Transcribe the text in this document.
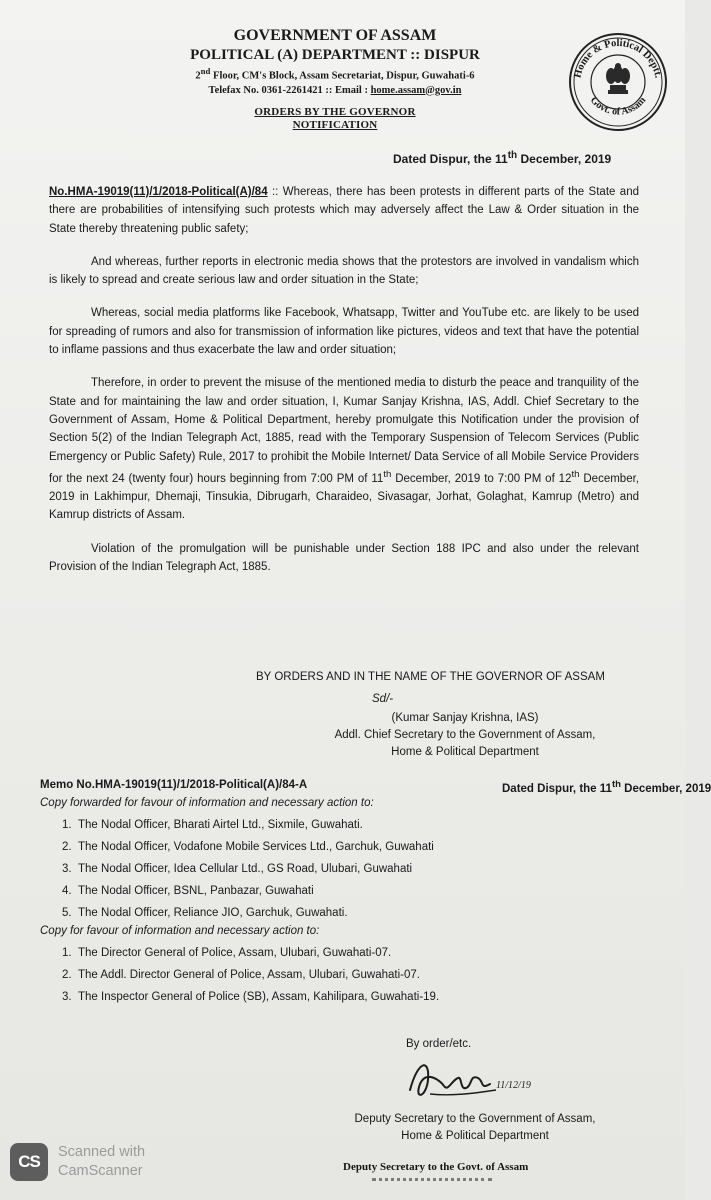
GOVERNMENT OF ASSAM
POLITICAL (A) DEPARTMENT :: DISPUR
2nd Floor, CM's Block, Assam Secretariat, Dispur, Guwahati-6
Telefax No. 0361-2261421 :: Email : home.assam@gov.in
ORDERS BY THE GOVERNOR
NOTIFICATION
Home & Political Deptt.
Govt. of Assam
Dated Dispur, the 11th December, 2019

No.HMA-19019(11)/1/2018-Political(A)/84 :: Whereas, there has been protests in different parts of the State and there are probabilities of intensifying such protests which may adversely affect the Law & Order situation in the State thereby threatening public safety;

And whereas, further reports in electronic media shows that the protestors are involved in vandalism which is likely to spread and create serious law and order situation in the State;

Whereas, social media platforms like Facebook, Whatsapp, Twitter and YouTube etc. are likely to be used for spreading of rumors and also for transmission of information like pictures, videos and text that have the potential to inflame passions and thus exacerbate the law and order situation;

Therefore, in order to prevent the misuse of the mentioned media to disturb the peace and tranquility of the State and for maintaining the law and order situation, I, Kumar Sanjay Krishna, IAS, Addl. Chief Secretary to the Government of Assam, Home & Political Department, hereby promulgate this Notification under the provision of Section 5(2) of the Indian Telegraph Act, 1885, read with the Temporary Suspension of Telecom Services (Public Emergency or Public Safety) Rule, 2017 to prohibit the Mobile Internet/ Data Service of all Mobile Service Providers for the next 24 (twenty four) hours beginning from 7:00 PM of 11th December, 2019 to 7:00 PM of 12th December, 2019 in Lakhimpur, Dhemaji, Tinsukia, Dibrugarh, Charaideo, Sivasagar, Jorhat, Golaghat, Kamrup (Metro) and Kamrup districts of Assam.

Violation of the promulgation will be punishable under Section 188 IPC and also under the relevant Provision of the Indian Telegraph Act, 1885.

BY ORDERS AND IN THE NAME OF THE GOVERNOR OF ASSAM
Sd/-
(Kumar Sanjay Krishna, IAS)
Addl. Chief Secretary to the Government of Assam,
Home & Political Department
Memo No.HMA-19019(11)/1/2018-Political(A)/84-A	Dated Dispur, the 11th December, 2019
Copy forwarded for favour of information and necessary action to:
1. The Nodal Officer, Bharati Airtel Ltd., Sixmile, Guwahati.
2. The Nodal Officer, Vodafone Mobile Services Ltd., Garchuk, Guwahati
3. The Nodal Officer, Idea Cellular Ltd., GS Road, Ulubari, Guwahati
4. The Nodal Officer, BSNL, Panbazar, Guwahati
5. The Nodal Officer, Reliance JIO, Garchuk, Guwahati.
Copy for favour of information and necessary action to:
1. The Director General of Police, Assam, Ulubari, Guwahati-07.
2. The Addl. Director General of Police, Assam, Ulubari, Guwahati-07.
3. The Inspector General of Police (SB), Assam, Kahilipara, Guwahati-19.
By order/etc.
11/12/19
Deputy Secretary to the Government of Assam,
Home & Political Department
Deputy Secretary to the Govt. of Assam
CS	Scanned with
CamScanner
